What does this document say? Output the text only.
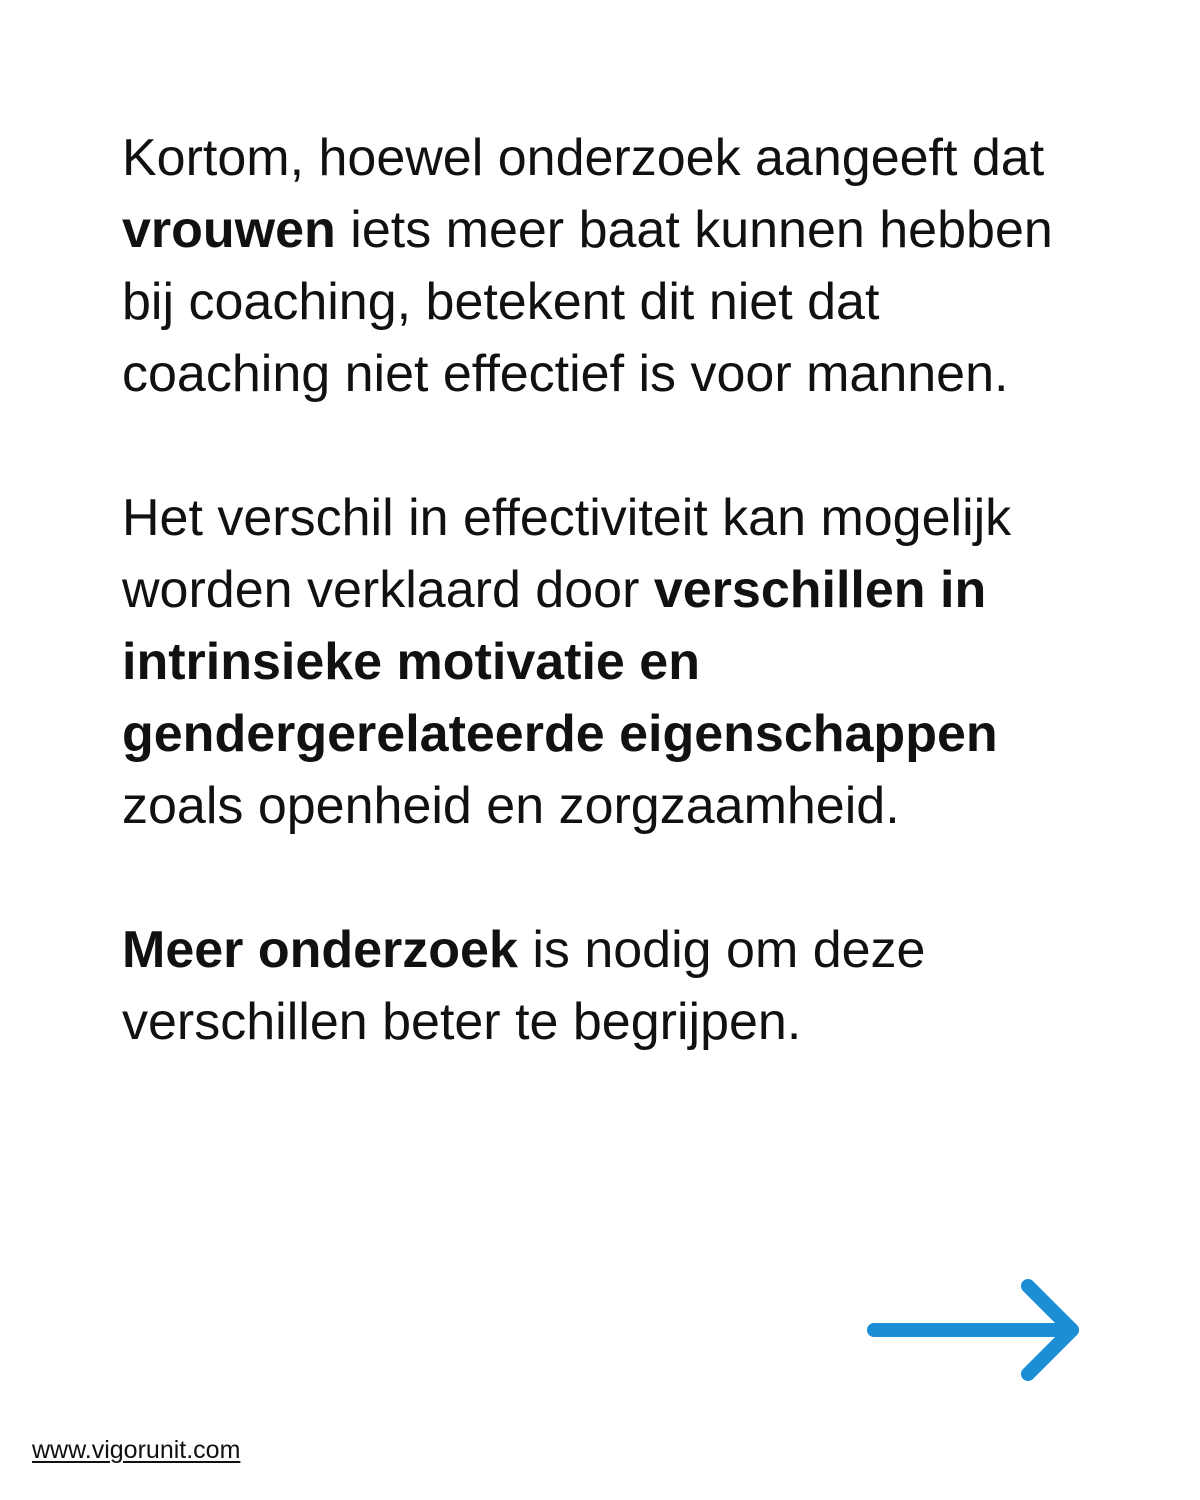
Kortom, hoewel onderzoek aangeeft dat
vrouwen iets meer baat kunnen hebben
bij coaching, betekent dit niet dat
coaching niet effectief is voor mannen.
Het verschil in effectiviteit kan mogelijk
worden verklaard door verschillen in
intrinsieke motivatie en
gendergerelateerde eigenschappen
zoals openheid en zorgzaamheid.
Meer onderzoek is nodig om deze
verschillen beter te begrijpen.
www.vigorunit.com
